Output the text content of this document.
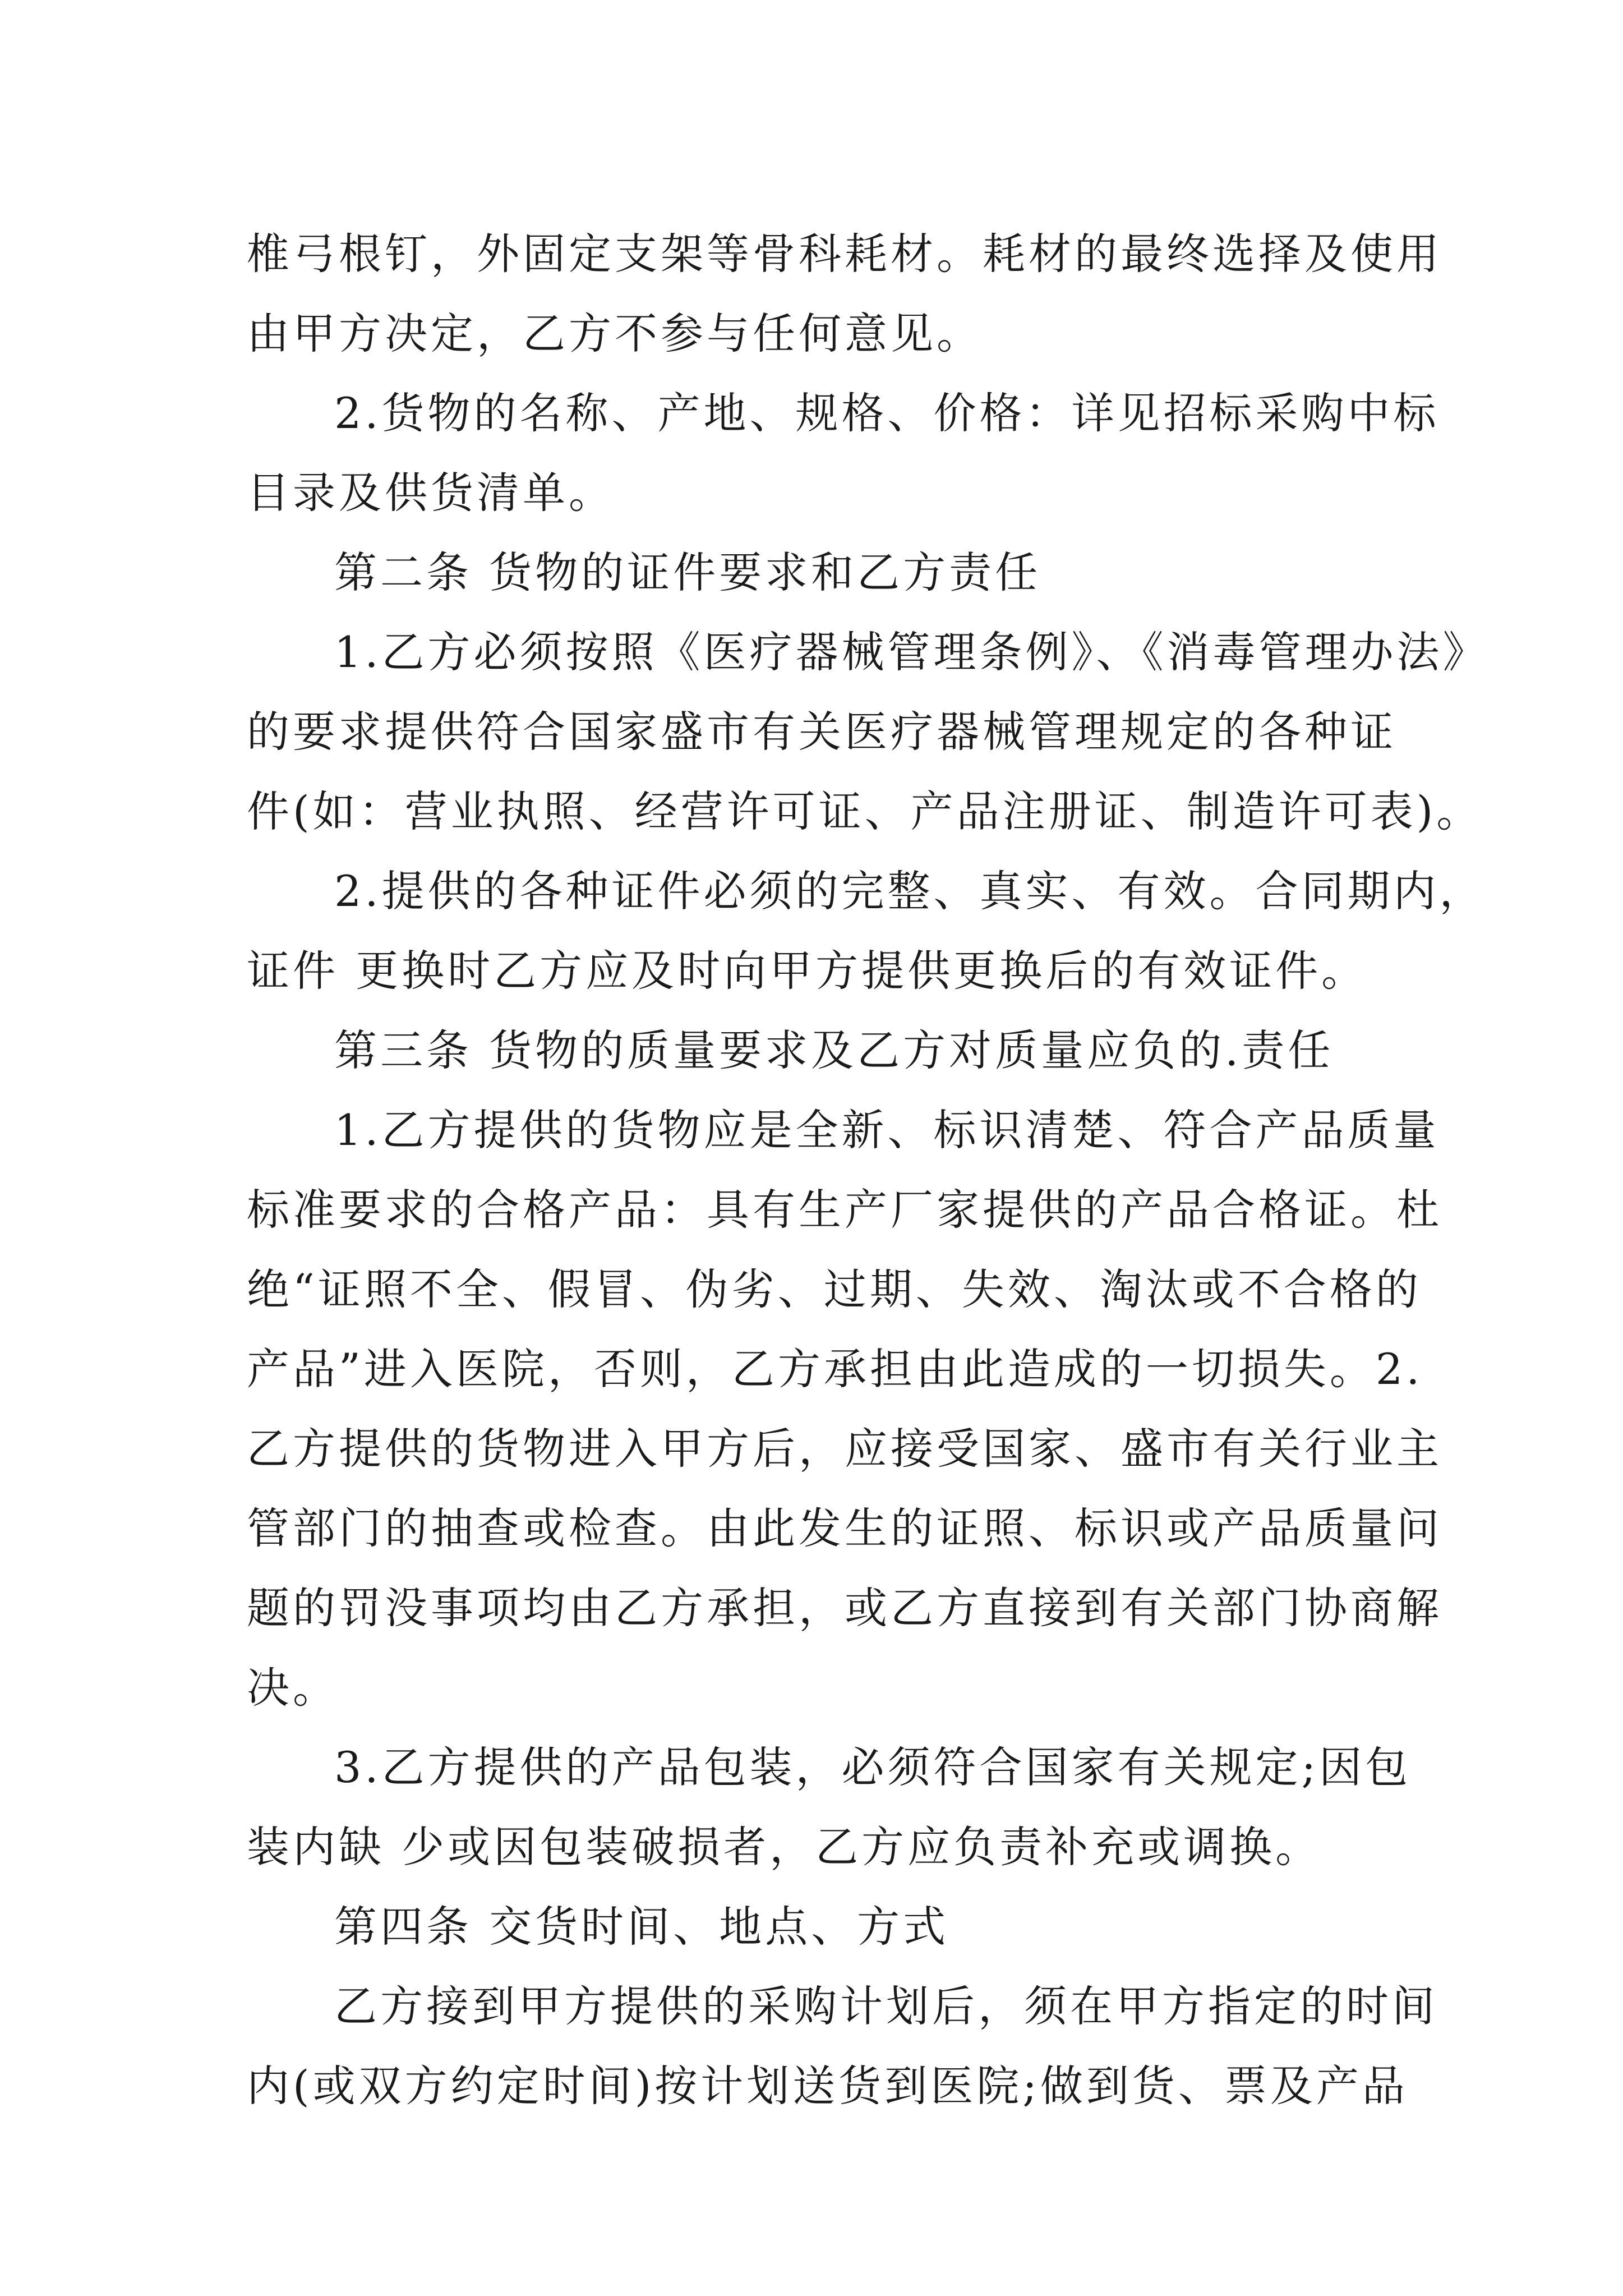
椎弓根钉，外固定支架等骨科耗材。耗材的最终选择及使用
由甲方决定，乙方不参与任何意见。
2.货物的名称、产地、规格、价格：详见招标采购中标
目录及供货清单。
第二条 货物的证件要求和乙方责任
1.乙方必须按照《医疗器械管理条例》、《消毒管理办法》
的要求提供符合国家盛市有关医疗器械管理规定的各种证
件(如：营业执照、经营许可证、产品注册证、制造许可表)。
2.提供的各种证件必须的完整、真实、有效。合同期内，
证件 更换时乙方应及时向甲方提供更换后的有效证件。
第三条 货物的质量要求及乙方对质量应负的.责任
1.乙方提供的货物应是全新、标识清楚、符合产品质量
标准要求的合格产品：具有生产厂家提供的产品合格证。杜
绝“证照不全、假冒、伪劣、过期、失效、淘汰或不合格的
产品”进入医院，否则，乙方承担由此造成的一切损失。2.
乙方提供的货物进入甲方后，应接受国家、盛市有关行业主
管部门的抽查或检查。由此发生的证照、标识或产品质量问
题的罚没事项均由乙方承担，或乙方直接到有关部门协商解
决。
3.乙方提供的产品包装，必须符合国家有关规定;因包
装内缺 少或因包装破损者，乙方应负责补充或调换。
第四条 交货时间、地点、方式
乙方接到甲方提供的采购计划后，须在甲方指定的时间
内(或双方约定时间)按计划送货到医院;做到货、票及产品
